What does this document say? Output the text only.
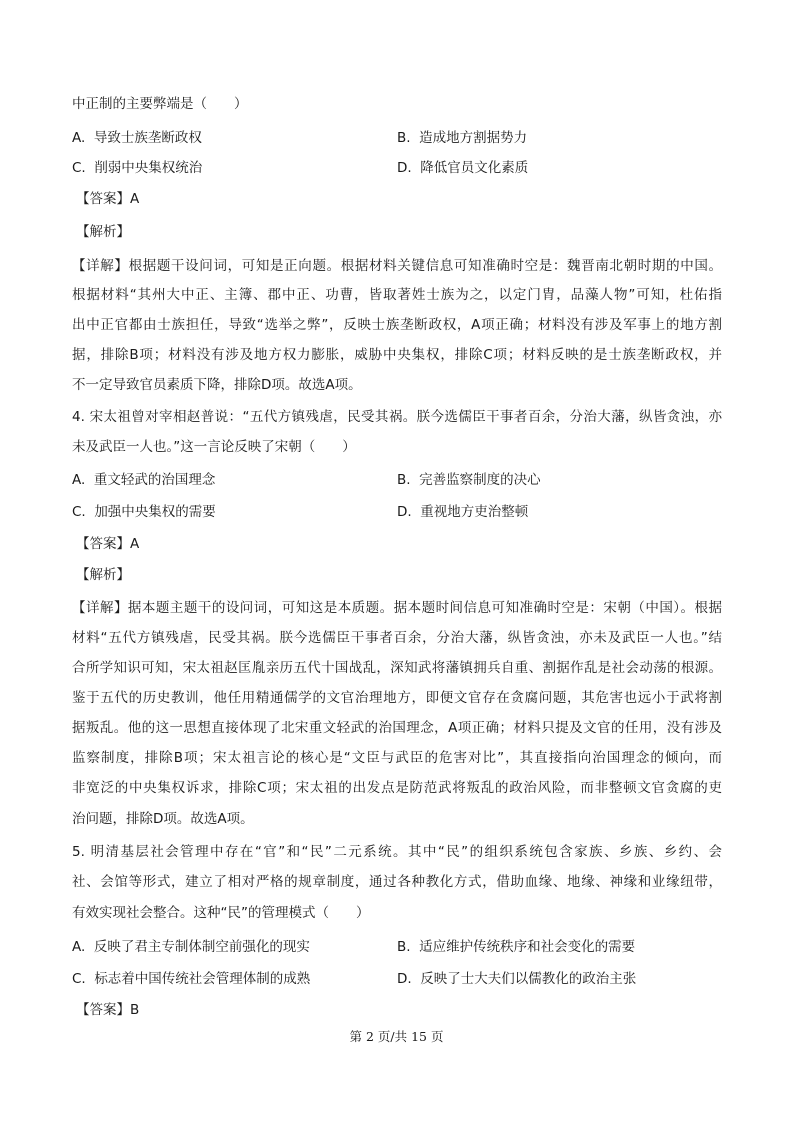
中正制的主要弊端是（　　）
A. 导致士族垄断政权	B. 造成地方割据势力
C. 削弱中央集权统治	D. 降低官员文化素质
【答案】A
【解析】
【详解】根据题干设问词，可知是正向题。根据材料关键信息可知准确时空是：魏晋南北朝时期的中国。
根据材料“其州大中正、主簿、郡中正、功曹，皆取著姓士族为之，以定门胄，品藻人物”可知，杜佑指
出中正官都由士族担任，导致“选举之弊”，反映士族垄断政权，A项正确；材料没有涉及军事上的地方割
据，排除B项；材料没有涉及地方权力膨胀，威胁中央集权，排除C项；材料反映的是士族垄断政权，并
不一定导致官员素质下降，排除D项。故选A项。
4. 宋太祖曾对宰相赵普说：“五代方镇残虐，民受其祸。朕今选儒臣干事者百余，分治大藩，纵皆贪浊，亦
未及武臣一人也。”这一言论反映了宋朝（　　）
A. 重文轻武的治国理念	B. 完善监察制度的决心
C. 加强中央集权的需要	D. 重视地方吏治整顿
【答案】A
【解析】
【详解】据本题主题干的设问词，可知这是本质题。据本题时间信息可知准确时空是：宋朝（中国）。根据
材料“五代方镇残虐，民受其祸。朕今选儒臣干事者百余，分治大藩，纵皆贪浊，亦未及武臣一人也。”结
合所学知识可知，宋太祖赵匡胤亲历五代十国战乱，深知武将藩镇拥兵自重、割据作乱是社会动荡的根源。
鉴于五代的历史教训，他任用精通儒学的文官治理地方，即便文官存在贪腐问题，其危害也远小于武将割
据叛乱。他的这一思想直接体现了北宋重文轻武的治国理念，A项正确；材料只提及文官的任用，没有涉及
监察制度，排除B项；宋太祖言论的核心是“文臣与武臣的危害对比”，其直接指向治国理念的倾向，而
非宽泛的中央集权诉求，排除C项；宋太祖的出发点是防范武将叛乱的政治风险，而非整顿文官贪腐的吏
治问题，排除D项。故选A项。
5. 明清基层社会管理中存在“官”和“民”二元系统。其中“民”的组织系统包含家族、乡族、乡约、会
社、会馆等形式，建立了相对严格的规章制度，通过各种教化方式，借助血缘、地缘、神缘和业缘纽带，
有效实现社会整合。这种“民”的管理模式（　　）
A. 反映了君主专制体制空前强化的现实	B. 适应维护传统秩序和社会变化的需要
C. 标志着中国传统社会管理体制的成熟	D. 反映了士大夫们以儒教化的政治主张
【答案】B
第 2 页/共 15 页
